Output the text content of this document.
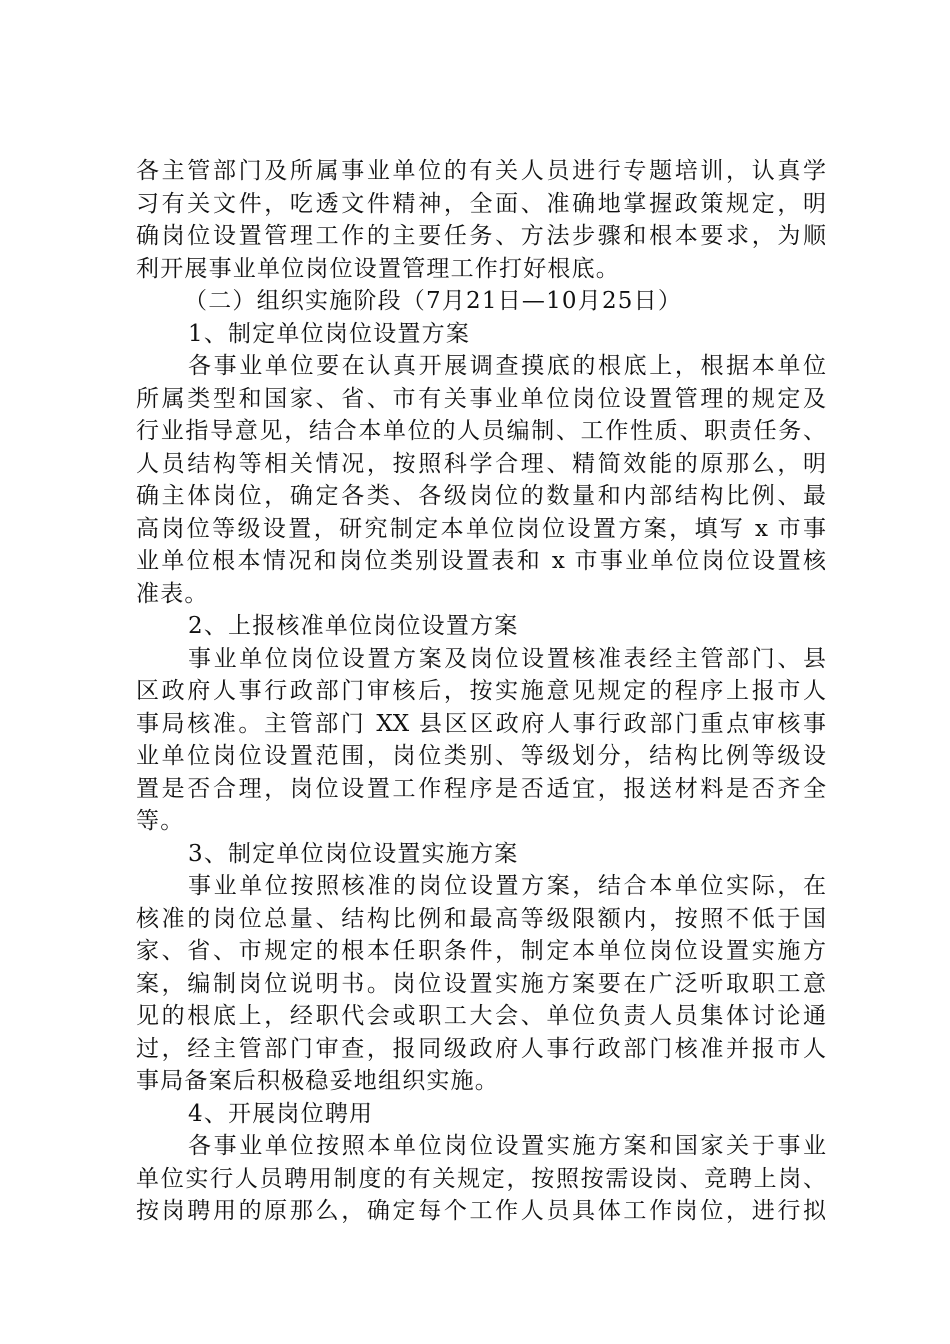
各主管部门及所属事业单位的有关人员进行专题培训，认真学
习有关文件，吃透文件精神，全面、准确地掌握政策规定，明
确岗位设置管理工作的主要任务、方法步骤和根本要求，为顺
利开展事业单位岗位设置管理工作打好根底。
（二）组织实施阶段（7月21日—10月25日）
1、制定单位岗位设置方案
各事业单位要在认真开展调查摸底的根底上，根据本单位
所属类型和国家、省、市有关事业单位岗位设置管理的规定及
行业指导意见，结合本单位的人员编制、工作性质、职责任务、
人员结构等相关情况，按照科学合理、精简效能的原那么，明
确主体岗位，确定各类、各级岗位的数量和内部结构比例、最
高岗位等级设置，研究制定本单位岗位设置方案，填写 x 市事
业单位根本情况和岗位类别设置表和 x 市事业单位岗位设置核
准表。
2、上报核准单位岗位设置方案
事业单位岗位设置方案及岗位设置核准表经主管部门、县
区政府人事行政部门审核后，按实施意见规定的程序上报市人
事局核准。主管部门 XX 县区区政府人事行政部门重点审核事
业单位岗位设置范围，岗位类别、等级划分，结构比例等级设
置是否合理，岗位设置工作程序是否适宜，报送材料是否齐全
等。
3、制定单位岗位设置实施方案
事业单位按照核准的岗位设置方案，结合本单位实际，在
核准的岗位总量、结构比例和最高等级限额内，按照不低于国
家、省、市规定的根本任职条件，制定本单位岗位设置实施方
案，编制岗位说明书。岗位设置实施方案要在广泛听取职工意
见的根底上，经职代会或职工大会、单位负责人员集体讨论通
过，经主管部门审查，报同级政府人事行政部门核准并报市人
事局备案后积极稳妥地组织实施。
4、开展岗位聘用
各事业单位按照本单位岗位设置实施方案和国家关于事业
单位实行人员聘用制度的有关规定，按照按需设岗、竞聘上岗、
按岗聘用的原那么，确定每个工作人员具体工作岗位，进行拟
